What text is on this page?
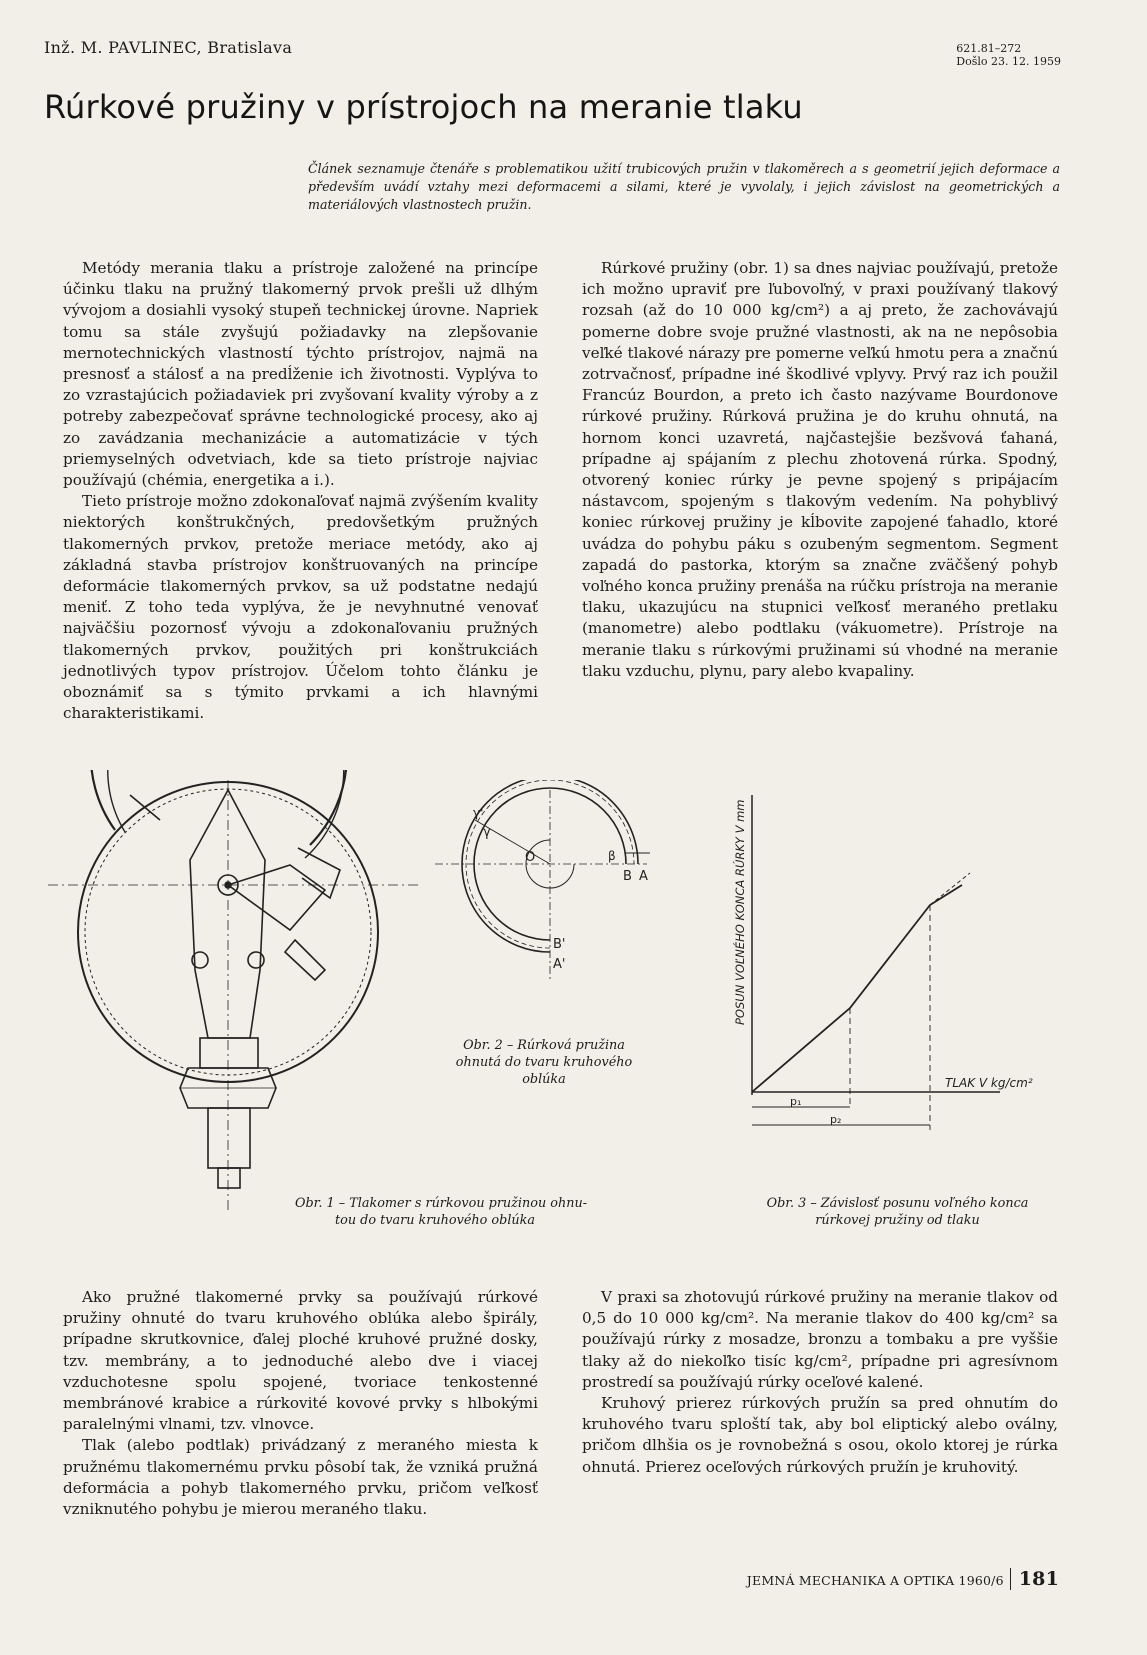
Inž. M. PAVLINEC, Bratislava	621.81–272
Došlo 23. 12. 1959
Rúrkové pružiny v prístrojoch na meranie tlaku

Článek seznamuje čtenáře s problematikou užití trubicových pružin v tlakoměrech a s geometrií jejich deformace a především uvádí vztahy mezi deformacemi a silami, které je vyvolaly, i jejich závislost na geometrických a materiálových vlastnostech pružin.

Metódy merania tlaku a prístroje založené na princípe účinku tlaku na pružný tlakomerný prvok prešli už dlhým vývojom a dosiahli vysoký stupeň technickej úrovne. Napriek tomu sa stále zvyšujú požiadavky na zlepšovanie mernotechnických vlastností týchto prístrojov, najmä na presnosť a stálosť a na predĺženie ich životnosti. Vyplýva to zo vzrastajúcich požiadaviek pri zvyšovaní kvality výroby a z potreby zabezpečovať správne technologické procesy, ako aj zo zavádzania mechanizácie a automatizácie v tých priemyselných odvetviach, kde sa tieto prístroje najviac používajú (chémia, energetika a i.).

Tieto prístroje možno zdokonaľovať najmä zvýšením kvality niektorých konštrukčných, predovšetkým pružných tlakomerných prvkov, pretože meriace metódy, ako aj základná stavba prístrojov konštruovaných na princípe deformácie tlakomerných prvkov, sa už podstatne nedajú meniť. Z toho teda vyplýva, že je nevyhnutné venovať najväčšiu pozornosť vývoju a zdokonaľovaniu pružných tlakomerných prvkov, použitých pri konštrukciách jednotlivých typov prístrojov. Účelom tohto článku je oboznámiť sa s týmito prvkami a ich hlavnými charakteristikami.

Rúrkové pružiny (obr. 1) sa dnes najviac používajú, pretože ich možno upraviť pre ľubovoľný, v praxi používaný tlakový rozsah (až do 10 000 kg/cm²) a aj preto, že zachovávajú pomerne dobre svoje pružné vlastnosti, ak na ne nepôsobia veľké tlakové nárazy pre pomerne veľkú hmotu pera a značnú zotrvačnosť, prípadne iné škodlivé vplyvy. Prvý raz ich použil Francúz Bourdon, a preto ich často nazývame Bourdonove rúrkové pružiny. Rúrková pružina je do kruhu ohnutá, na hornom konci uzavretá, najčastejšie bezšvová ťahaná, prípadne aj spájaním z plechu zhotovená rúrka. Spodný, otvorený koniec rúrky je pevne spojený s pripájacím nástavcom, spojeným s tlakovým vedením. Na pohyblivý koniec rúrkovej pružiny je kĺbovite zapojené ťahadlo, ktoré uvádza do pohybu páku s ozubeným segmentom. Segment zapadá do pastorka, ktorým sa značne zväčšený pohyb voľného konca pružiny prenáša na rúčku prístroja na meranie tlaku, ukazujúcu na stupnici veľkosť meraného pretlaku (manometre) alebo podtlaku (vákuometre). Prístroje na meranie tlaku s rúrkovými pružinami sú vhodné na meranie tlaku vzduchu, plynu, pary alebo kvapaliny.

O
γ
γ'
β
B A
B'
A'
Obr. 2 – Rúrková pružina
ohnutá do tvaru kruhového
oblúka
p₁
p₂
TLAK V kg/cm²
POSUN VOĽNÉHO KONCA RÚRKY V mm
Obr. 1 – Tlakomer s rúrkovou pružinou ohnu-
tou do tvaru kruhového oblúka
Obr. 3 – Závislosť posunu voľného konca
rúrkovej pružiny od tlaku

Ako pružné tlakomerné prvky sa používajú rúrkové pružiny ohnuté do tvaru kruhového oblúka alebo špirály, prípadne skrutkovnice, ďalej ploché kruhové pružné dosky, tzv. membrány, a to jednoduché alebo dve i viacej vzduchotesne spolu spojené, tvoriace tenkostenné membránové krabice a rúrkovité kovové prvky s hlbokými paralelnými vlnami, tzv. vlnovce.

Tlak (alebo podtlak) privádzaný z meraného miesta k pružnému tlakomernému prvku pôsobí tak, že vzniká pružná deformácia a pohyb tlakomerného prvku, pričom veľkosť vzniknutého pohybu je mierou meraného tlaku.

V praxi sa zhotovujú rúrkové pružiny na meranie tlakov od 0,5 do 10 000 kg/cm². Na meranie tlakov do 400 kg/cm² sa používajú rúrky z mosadze, bronzu a tombaku a pre vyššie tlaky až do niekoľko tisíc kg/cm², prípadne pri agresívnom prostredí sa používajú rúrky oceľové kalené.

Kruhový prierez rúrkových pružín sa pred ohnutím do kruhového tvaru sploští tak, aby bol eliptický alebo oválny, pričom dlhšia os je rovnobežná s osou, okolo ktorej je rúrka ohnutá. Prierez oceľových rúrkových pružín je kruhovitý.

JEMNÁ MECHANIKA A OPTIKA 1960/6 181
